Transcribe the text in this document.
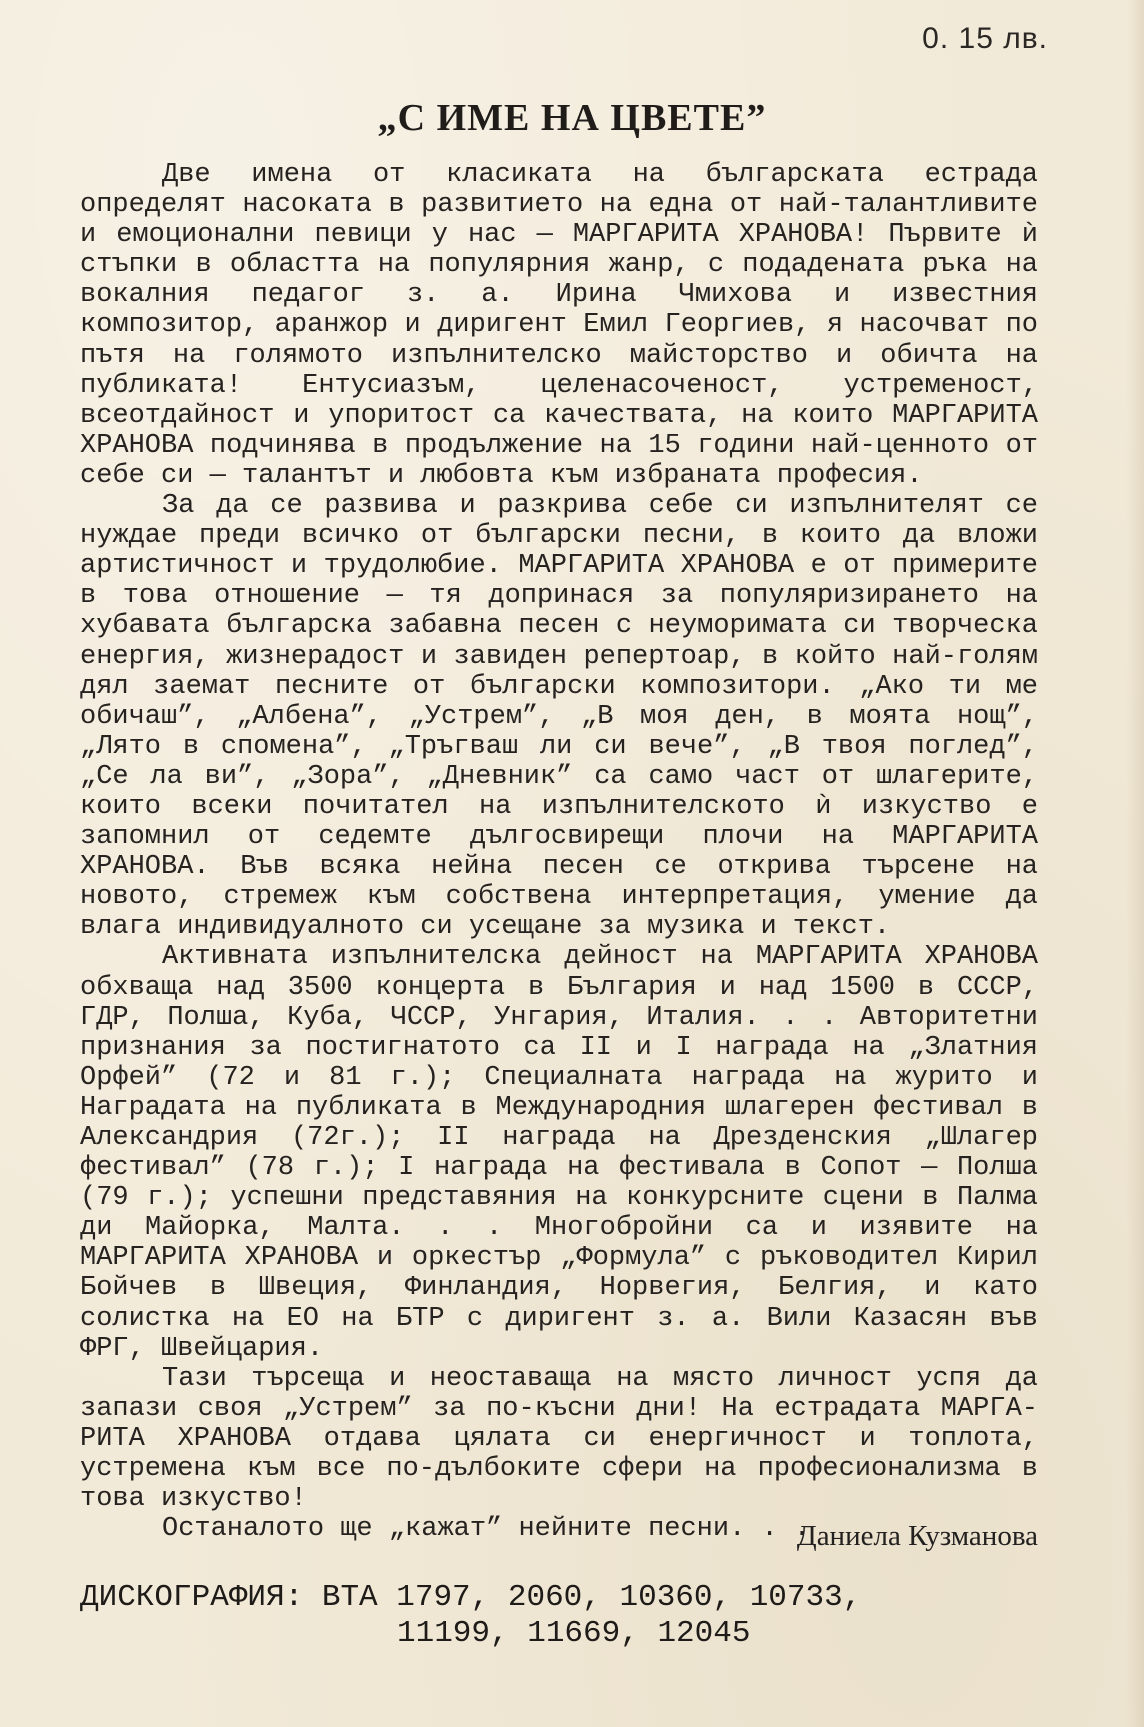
0. 15 лв.
„С ИМЕ НА ЦВЕТЕ”

Две имена от класиката на българската естрада определят насоката в развитието на една от най-талантливите и емоционални певици у нас — МАРГАРИТА ХРАНОВА! Първите ѝ стъпки в областта на популярния жанр, с подадената ръка на вокалния педагог з. а. Ирина Чмихова и известния композитор, аранжор и диригент Емил Георгиев, я насочват по пътя на голямото изпълнителско майсторство и обичта на публиката! Ентусиазъм, целенасоченост, устременост, всеотдайност и упоритост са качествата, на които МАРГАРИТА ХРАНОВА подчинява в продължение на 15 години най-ценното от себе си — талантът и любовта към избраната професия.

За да се развива и разкрива себе си изпълнителят се нуждае преди всичко от български песни, в които да вложи артистичност и трудолюбие. МАРГАРИТА ХРАНОВА е от примерите в това отношение — тя допринася за популяризирането на хубавата българска забавна песен с неуморимата си творческа енергия, жизнерадост и завиден репертоар, в който най-голям дял заемат песните от български композитори. „Ако ти ме обичаш”, „Албена”, „Устрем”, „В моя ден, в моята нощ”, „Лято в спомена”, „Тръгваш ли си вече”, „В твоя поглед”, „Се ла ви”, „Зора”, „Дневник” са само част от шлагерите, които всеки почитател на изпълнителското ѝ изкуство е запомнил от седемте дългосвирещи плочи на МАРГАРИТА ХРАНОВА. Във всяка нейна песен се открива търсене на новото, стремеж към собствена интерпретация, умение да влага индивидуалното си усещане за музика и текст.

Активната изпълнителска дейност на МАРГАРИТА ХРАНОВА обхваща над 3500 концерта в България и над 1500 в СССР, ГДР, Полша, Куба, ЧССР, Унгария, Италия. . . Авторитетни признания за постигнатото са II и I награда на „Златния Орфей” (72 и 81 г.); Специалната награда на журито и Наградата на публиката в Международния шлагерен фестивал в Александрия (72г.); II награда на Дрезденския „Шлагер фестивал” (78 г.); I награда на фестивала в Сопот — Полша (79 г.); успешни представяния на конкурсните сцени в Палма ди Майорка, Малта. . . Многобройни са и изявите на МАРГАРИТА ХРАНОВА и оркестър „Формула” с ръководител Кирил Бойчев в Швеция, Финландия, Норвегия, Белгия, и като солистка на ЕО на БТР с диригент з. а. Вили Казасян във ФРГ, Швейцария.

Тази търсеща и неоставаща на място личност успя да запази своя „Устрем” за по-късни дни! На естрадата МАРГА-РИТА ХРАНОВА отдава цялата си енергичност и топлота, устремена към все по-дълбоките сфери на професионализма в това изкуство!

Останалото ще „кажат” нейните песни. . .

Даниела Кузманова
ДИСКОГРАФИЯ: ВТА 1797, 2060, 10360, 10733,
11199, 11669, 12045
